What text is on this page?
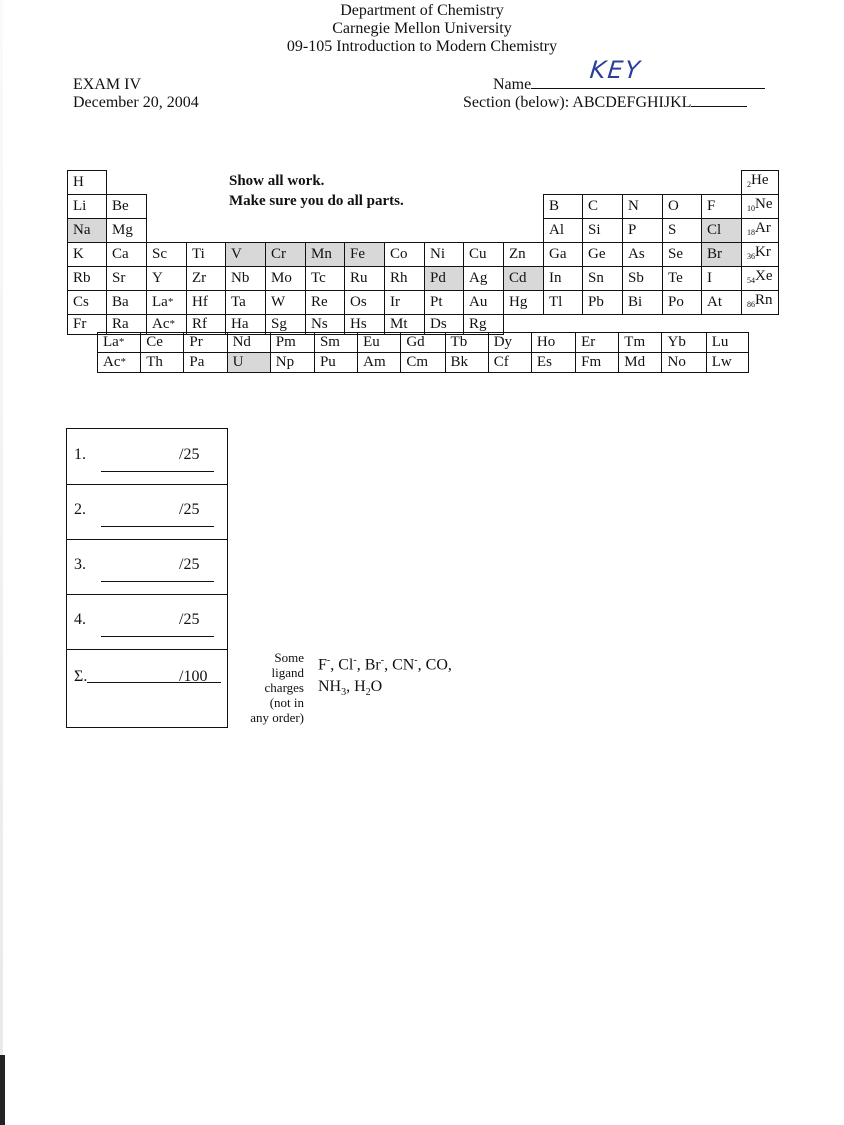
Department of Chemistry
Carnegie Mellon University
09-105 Introduction to Modern Chemistry
EXAM IV
December 20, 2004
Name
KEY
Section (below): ABCDEFGHIJKL
H																	$_2$He
Li	Be											B	C	N	O	F	$_{10}$Ne
Na	Mg											Al	Si	P	S	Cl	$_{18}$Ar
K	Ca	Sc	Ti	V	Cr	Mn	Fe	Co	Ni	Cu	Zn	Ga	Ge	As	Se	Br	$_{36}$Kr
Rb	Sr	Y	Zr	Nb	Mo	Tc	Ru	Rh	Pd	Ag	Cd	In	Sn	Sb	Te	I	$_{54}$Xe
Cs	Ba	La*	Hf	Ta	W	Re	Os	Ir	Pt	Au	Hg	Tl	Pb	Bi	Po	At	$_{86}$Rn
Fr	Ra	Ac*	Rf	Ha	Sg	Ns	Hs	Mt	Ds	Rg							
Show all work.
Make sure you do all parts.
La*	Ce	Pr	Nd	Pm	Sm	Eu	Gd	Tb	Dy	Ho	Er	Tm	Yb	Lu
Ac*	Th	Pa	U	Np	Pu	Am	Cm	Bk	Cf	Es	Fm	Md	No	Lw
1.	/25
2.	/25
3.	/25
4.	/25
Σ.	/100
Some
ligand
charges
(not in
any order)
F-, Cl-, Br-, CN-, CO,
$NH_3$, $H_2O$
